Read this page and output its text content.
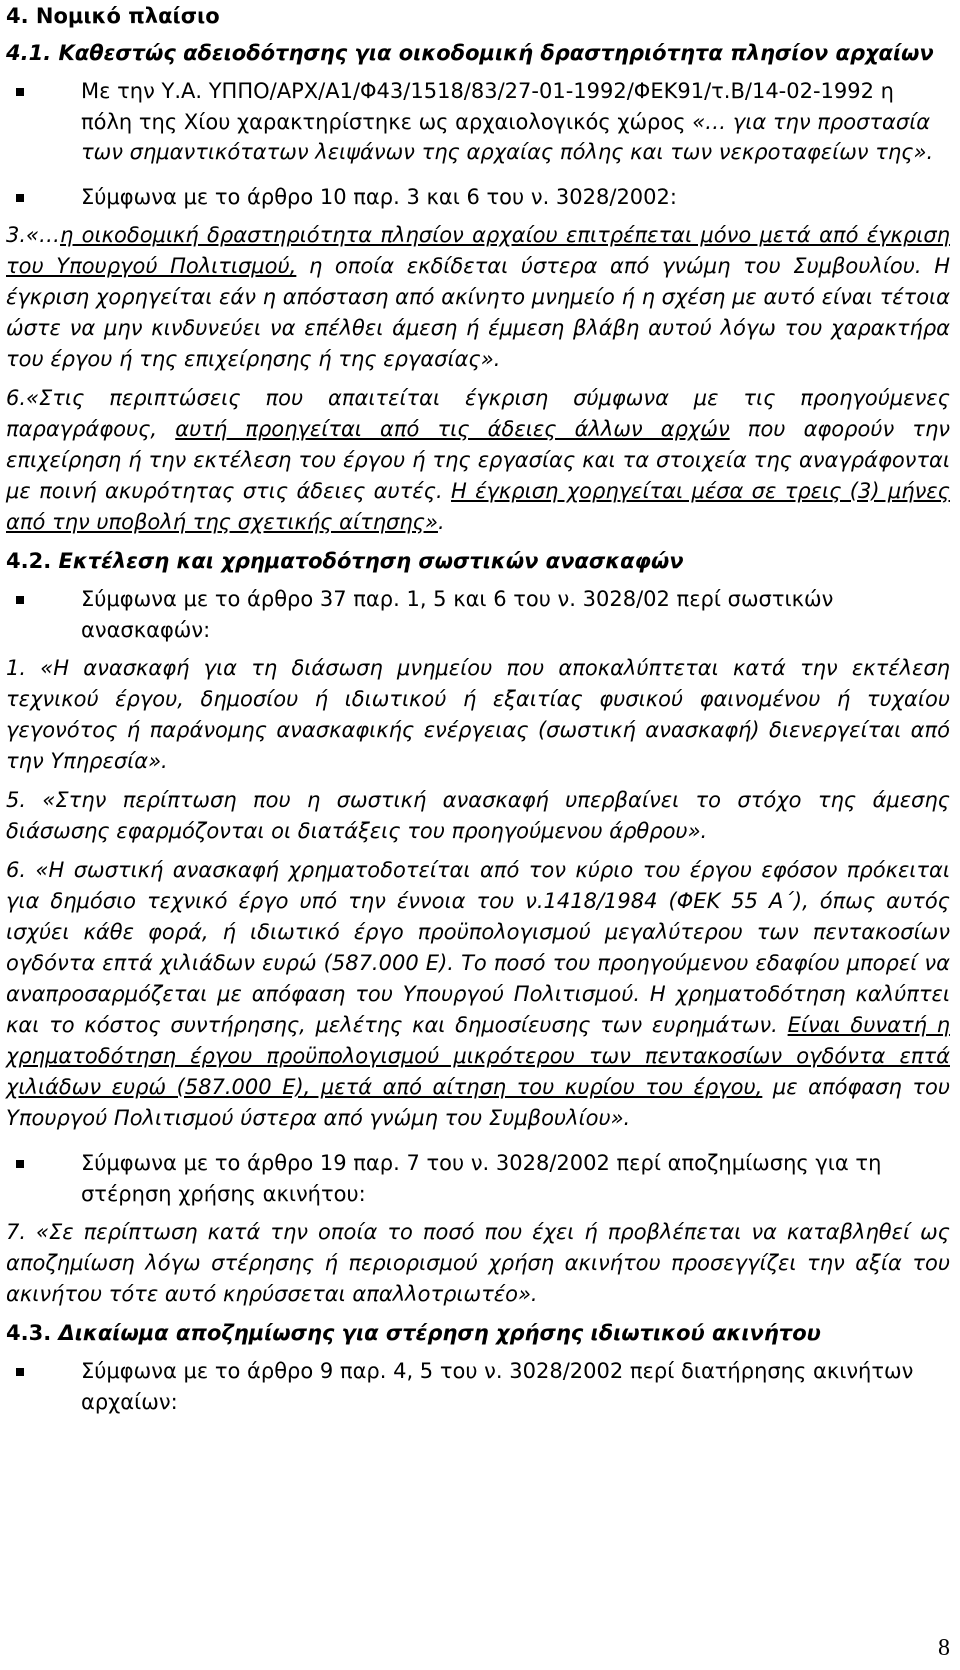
4. Νομικό πλαίσιο
4.1. Καθεστώς αδειοδότησης για οικοδομική δραστηριότητα πλησίον αρχαίων
Με την Υ.Α. ΥΠΠΟ/ΑΡΧ/Α1/Φ43/1518/83/27-01-1992/ΦΕΚ91/τ.Β/14-02-1992 η πόλη της Χίου χαρακτηρίστηκε ως αρχαιολογικός χώρος «… για την προστασία των σημαντικότατων λειψάνων της αρχαίας πόλης και των νεκροταφείων της».
Σύμφωνα με το άρθρο 10 παρ. 3 και 6 του ν. 3028/2002:

3.«…η οικοδομική δραστηριότητα πλησίον αρχαίου επιτρέπεται μόνο μετά από έγκριση του Υπουργού Πολιτισμού, η οποία εκδίδεται ύστερα από γνώμη του Συμβουλίου. Η έγκριση χορηγείται εάν η απόσταση από ακίνητο μνημείο ή η σχέση με αυτό είναι τέτοια ώστε να μην κινδυνεύει να επέλθει άμεση ή έμμεση βλάβη αυτού λόγω του χαρακτήρα του έργου ή της επιχείρησης ή της εργασίας».

6.«Στις περιπτώσεις που απαιτείται έγκριση σύμφωνα με τις προηγούμενες παραγράφους, αυτή προηγείται από τις άδειες άλλων αρχών που αφορούν την επιχείρηση ή την εκτέλεση του έργου ή της εργασίας και τα στοιχεία της αναγράφονται με ποινή ακυρότητας στις άδειες αυτές. Η έγκριση χορηγείται μέσα σε τρεις (3) μήνες από την υποβολή της σχετικής αίτησης».

4.2. Εκτέλεση και χρηματοδότηση σωστικών ανασκαφών
Σύμφωνα με το άρθρο 37 παρ. 1, 5 και 6 του ν. 3028/02 περί σωστικών ανασκαφών:

1. «Η ανασκαφή για τη διάσωση μνημείου που αποκαλύπτεται κατά την εκτέλεση τεχνικού έργου, δημοσίου ή ιδιωτικού ή εξαιτίας φυσικού φαινομένου ή τυχαίου γεγονότος ή παράνομης ανασκαφικής ενέργειας (σωστική ανασκαφή) διενεργείται από την Υπηρεσία».

5. «Στην περίπτωση που η σωστική ανασκαφή υπερβαίνει το στόχο της άμεσης διάσωσης εφαρμόζονται οι διατάξεις του προηγούμενου άρθρου».

6. «Η σωστική ανασκαφή χρηματοδοτείται από τον κύριο του έργου εφόσον πρόκειται για δημόσιο τεχνικό έργο υπό την έννοια του ν.1418/1984 (ΦΕΚ 55 Α΄), όπως αυτός ισχύει κάθε φορά, ή ιδιωτικό έργο προϋπολογισμού μεγαλύτερου των πεντακοσίων ογδόντα επτά χιλιάδων ευρώ (587.000 Ε). Το ποσό του προηγούμενου εδαφίου μπορεί να αναπροσαρμόζεται με απόφαση του Υπουργού Πολιτισμού. Η χρηματοδότηση καλύπτει και το κόστος συντήρησης, μελέτης και δημοσίευσης των ευρημάτων. Είναι δυνατή η χρηματοδότηση έργου προϋπολογισμού μικρότερου των πεντακοσίων ογδόντα επτά χιλιάδων ευρώ (587.000 Ε), μετά από αίτηση του κυρίου του έργου, με απόφαση του Υπουργού Πολιτισμού ύστερα από γνώμη του Συμβουλίου».

Σύμφωνα με το άρθρο 19 παρ. 7 του ν. 3028/2002 περί αποζημίωσης για τη στέρηση χρήσης ακινήτου:

7. «Σε περίπτωση κατά την οποία το ποσό που έχει ή προβλέπεται να καταβληθεί ως αποζημίωση λόγω στέρησης ή περιορισμού χρήση ακινήτου προσεγγίζει την αξία του ακινήτου τότε αυτό κηρύσσεται απαλλοτριωτέο».

4.3. Δικαίωμα αποζημίωσης για στέρηση χρήσης ιδιωτικού ακινήτου
Σύμφωνα με το άρθρο 9 παρ. 4, 5 του ν. 3028/2002 περί διατήρησης ακινήτων αρχαίων:
8
